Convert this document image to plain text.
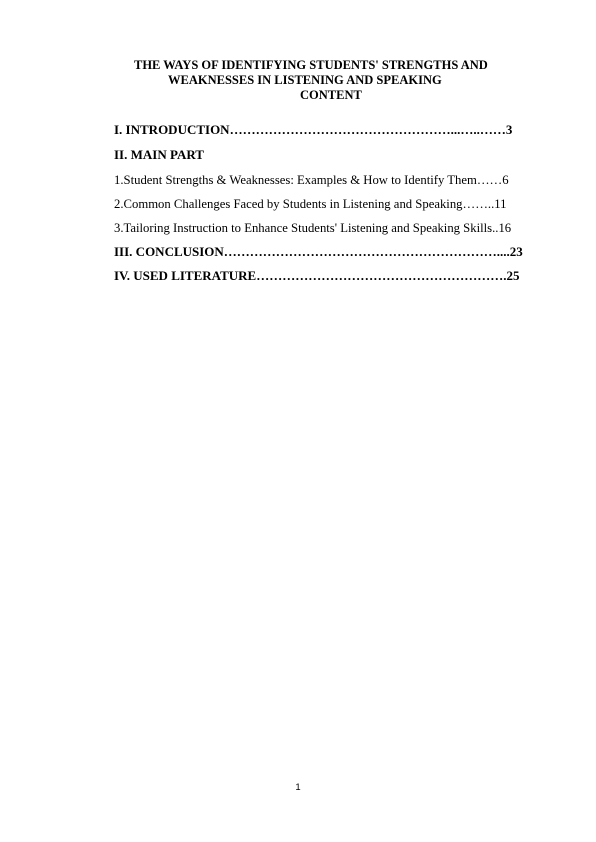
THE WAYS OF IDENTIFYING STUDENTS' STRENGTHS AND
WEAKNESSES IN LISTENING AND SPEAKING
CONTENT
I. INTRODUCTION……………………………………………...…..……3
II. MAIN PART
1.Student Strengths & Weaknesses: Examples & How to Identify Them……6
2.Common Challenges Faced by Students in Listening and Speaking……..11
3.Tailoring Instruction to Enhance Students' Listening and Speaking Skills..16
III. CONCLUSION………………………………………………………....23
IV. USED LITERATURE………………………………………………….25
1
